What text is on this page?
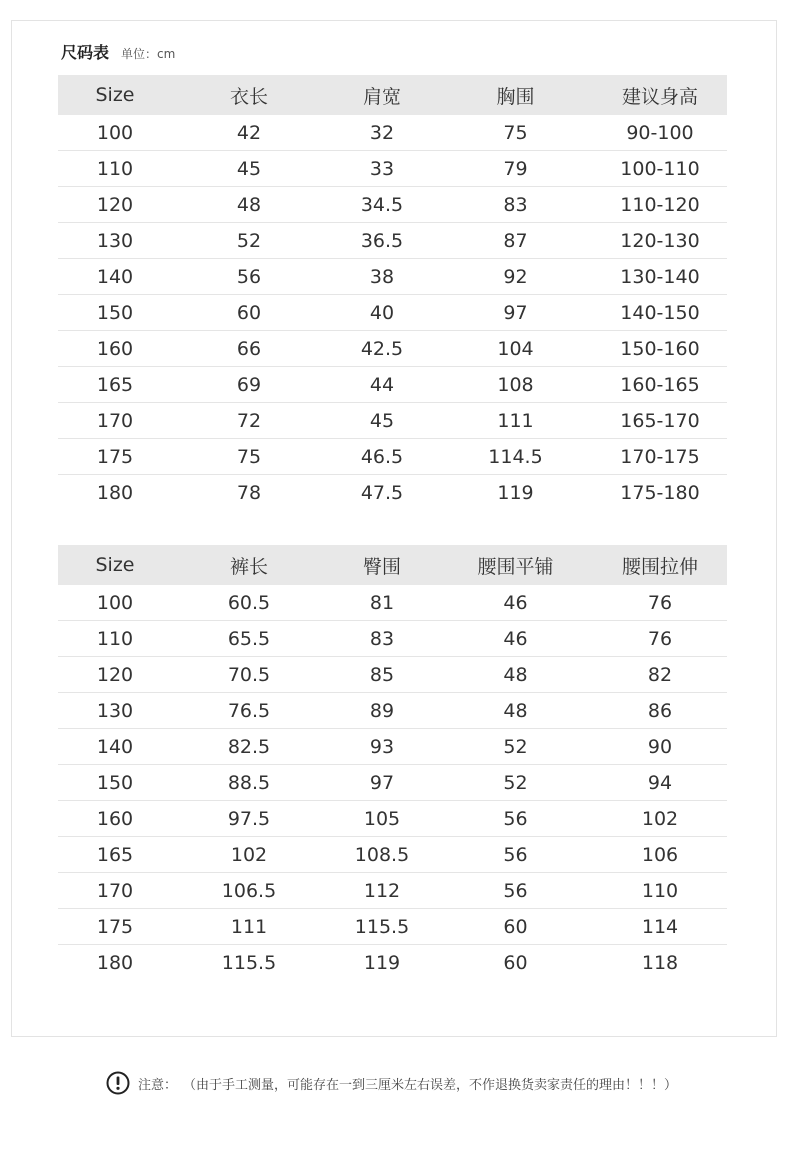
尺码表 单位：cm
Size	衣长	肩宽	胸围	建议身高
100	42	32	75	90-100
110	45	33	79	100-110
120	48	34.5	83	110-120
130	52	36.5	87	120-130
140	56	38	92	130-140
150	60	40	97	140-150
160	66	42.5	104	150-160
165	69	44	108	160-165
170	72	45	111	165-170
175	75	46.5	114.5	170-175
180	78	47.5	119	175-180
Size	裤长	臀围	腰围平铺	腰围拉伸
100	60.5	81	46	76
110	65.5	83	46	76
120	70.5	85	48	82
130	76.5	89	48	86
140	82.5	93	52	90
150	88.5	97	52	94
160	97.5	105	56	102
165	102	108.5	56	106
170	106.5	112	56	110
175	111	115.5	60	114
180	115.5	119	60	118
注意： （由于手工测量，可能存在一到三厘米左右误差，不作退换货卖家责任的理由！！！）
